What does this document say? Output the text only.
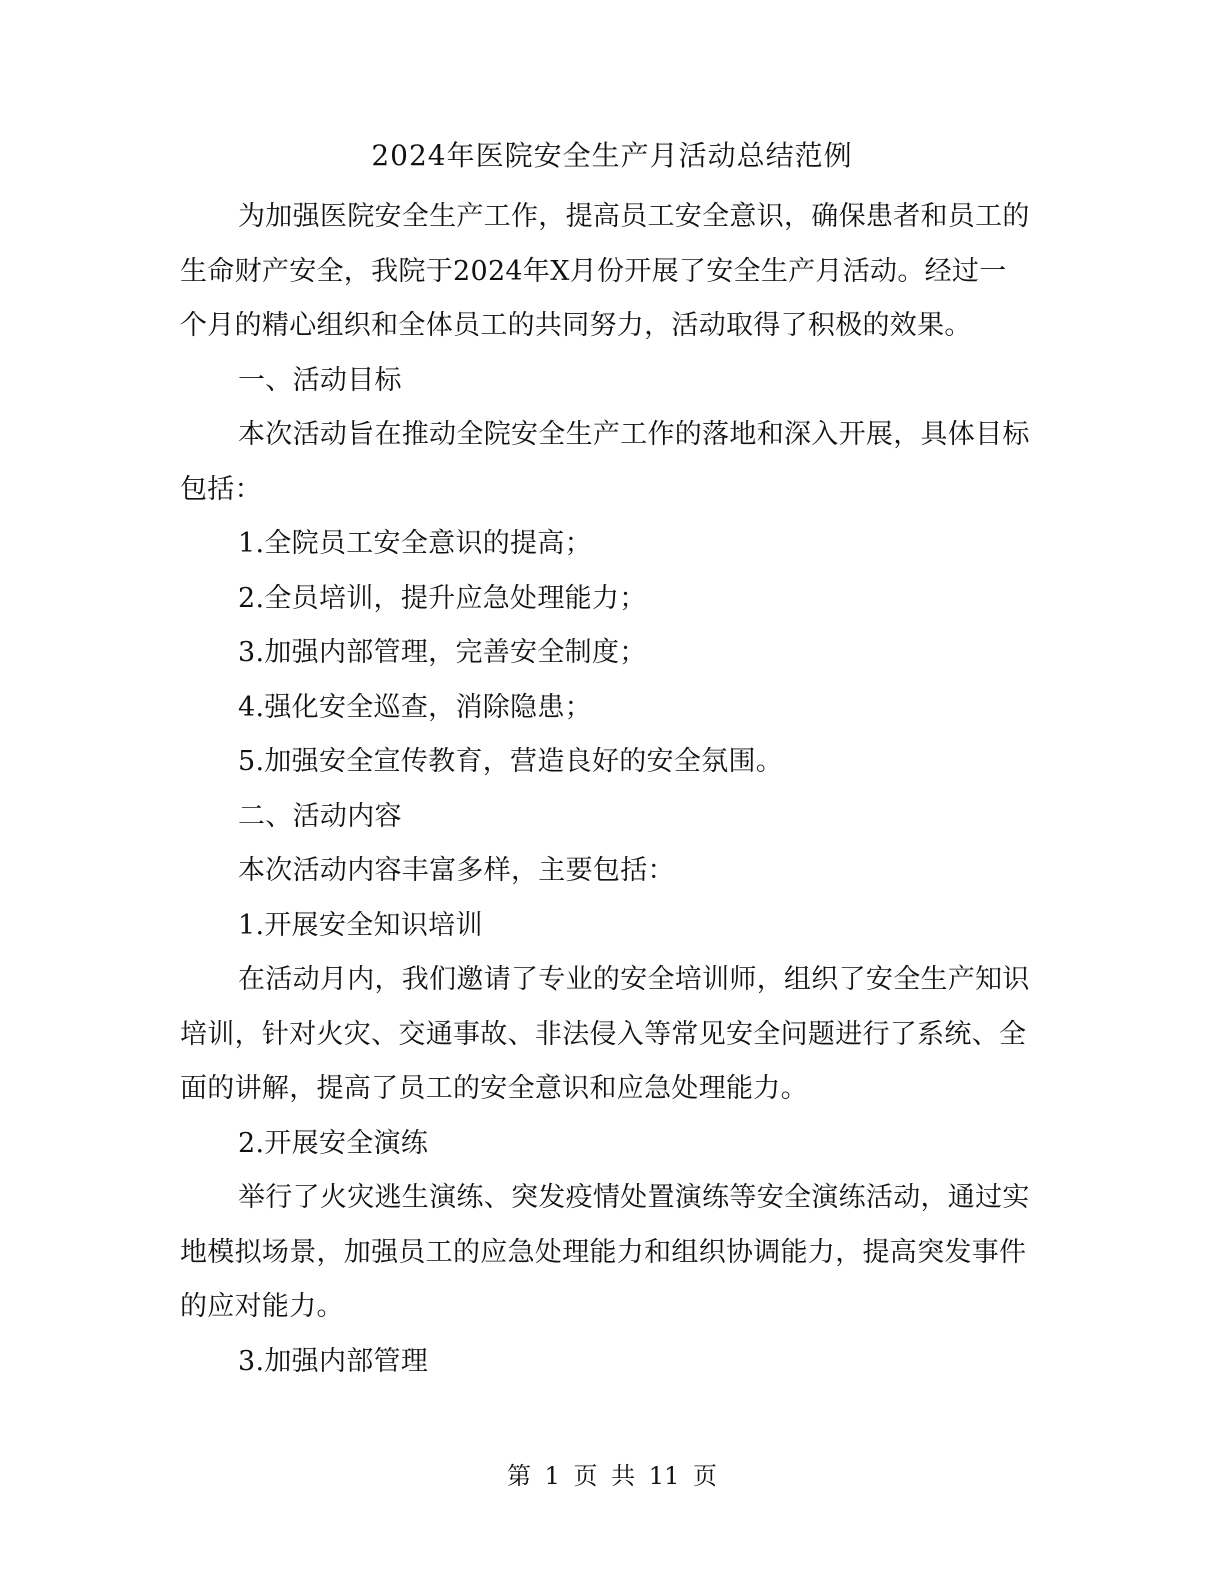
2024年医院安全生产月活动总结范例

为加强医院安全生产工作，提高员工安全意识，确保患者和员工的生命财产安全，我院于2024年X月份开展了安全生产月活动。经过一个月的精心组织和全体员工的共同努力，活动取得了积极的效果。

一、活动目标

本次活动旨在推动全院安全生产工作的落地和深入开展，具体目标包括：

1.全院员工安全意识的提高；

2.全员培训，提升应急处理能力；

3.加强内部管理，完善安全制度；

4.强化安全巡查，消除隐患；

5.加强安全宣传教育，营造良好的安全氛围。

二、活动内容

本次活动内容丰富多样，主要包括：

1.开展安全知识培训

在活动月内，我们邀请了专业的安全培训师，组织了安全生产知识培训，针对火灾、交通事故、非法侵入等常见安全问题进行了系统、全面的讲解，提高了员工的安全意识和应急处理能力。

2.开展安全演练

举行了火灾逃生演练、突发疫情处置演练等安全演练活动，通过实地模拟场景，加强员工的应急处理能力和组织协调能力，提高突发事件的应对能力。

3.加强内部管理

第 1 页 共 11 页
